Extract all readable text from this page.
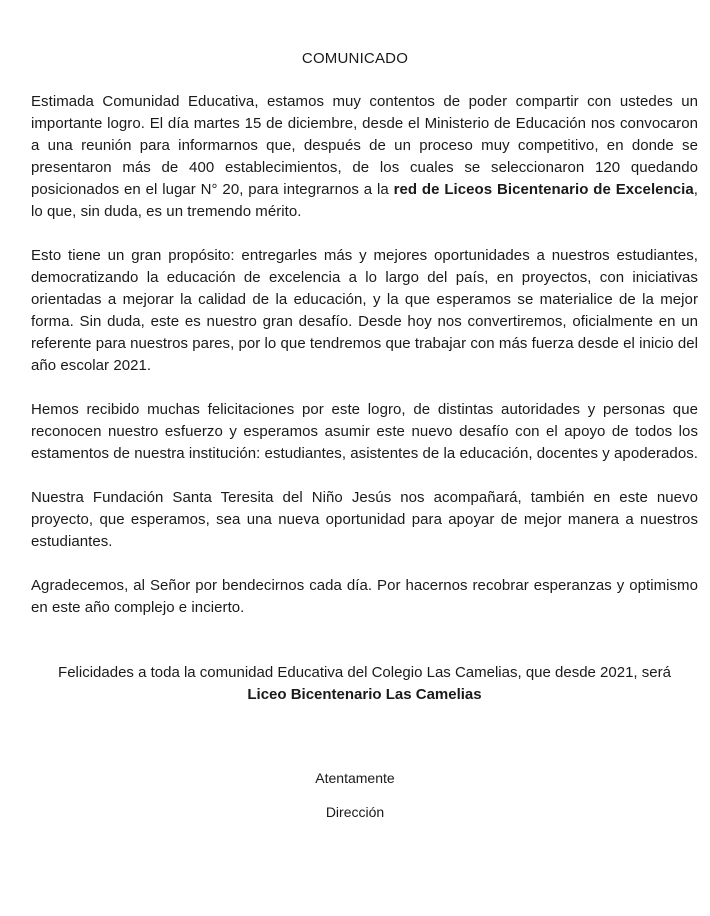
COMUNICADO

Estimada Comunidad Educativa, estamos muy contentos de poder compartir con ustedes un importante logro. El día martes 15 de diciembre, desde el Ministerio de Educación nos convocaron a una reunión para informarnos que, después de un proceso muy competitivo, en donde se presentaron más de 400 establecimientos, de los cuales se seleccionaron 120 quedando posicionados en el lugar N° 20, para integrarnos a la red de Liceos Bicentenario de Excelencia, lo que, sin duda, es un tremendo mérito.

Esto tiene un gran propósito: entregarles más y mejores oportunidades a nuestros estudiantes, democratizando la educación de excelencia a lo largo del país, en proyectos, con iniciativas orientadas a mejorar la calidad de la educación, y la que esperamos se materialice de la mejor forma. Sin duda, este es nuestro gran desafío. Desde hoy nos convertiremos, oficialmente en un referente para nuestros pares, por lo que tendremos que trabajar con más fuerza desde el inicio del año escolar 2021.

Hemos recibido muchas felicitaciones por este logro, de distintas autoridades y personas que reconocen nuestro esfuerzo y esperamos asumir este nuevo desafío con el apoyo de todos los estamentos de nuestra institución: estudiantes, asistentes de la educación, docentes y apoderados.

Nuestra Fundación Santa Teresita del Niño Jesús nos acompañará, también en este nuevo proyecto, que esperamos, sea una nueva oportunidad para apoyar de mejor manera a nuestros estudiantes.

Agradecemos, al Señor por bendecirnos cada día. Por hacernos recobrar esperanzas y optimismo en este año complejo e incierto.

Felicidades a toda la comunidad Educativa del Colegio Las Camelias, que desde 2021, será
Liceo Bicentenario Las Camelias
Atentamente
Dirección
